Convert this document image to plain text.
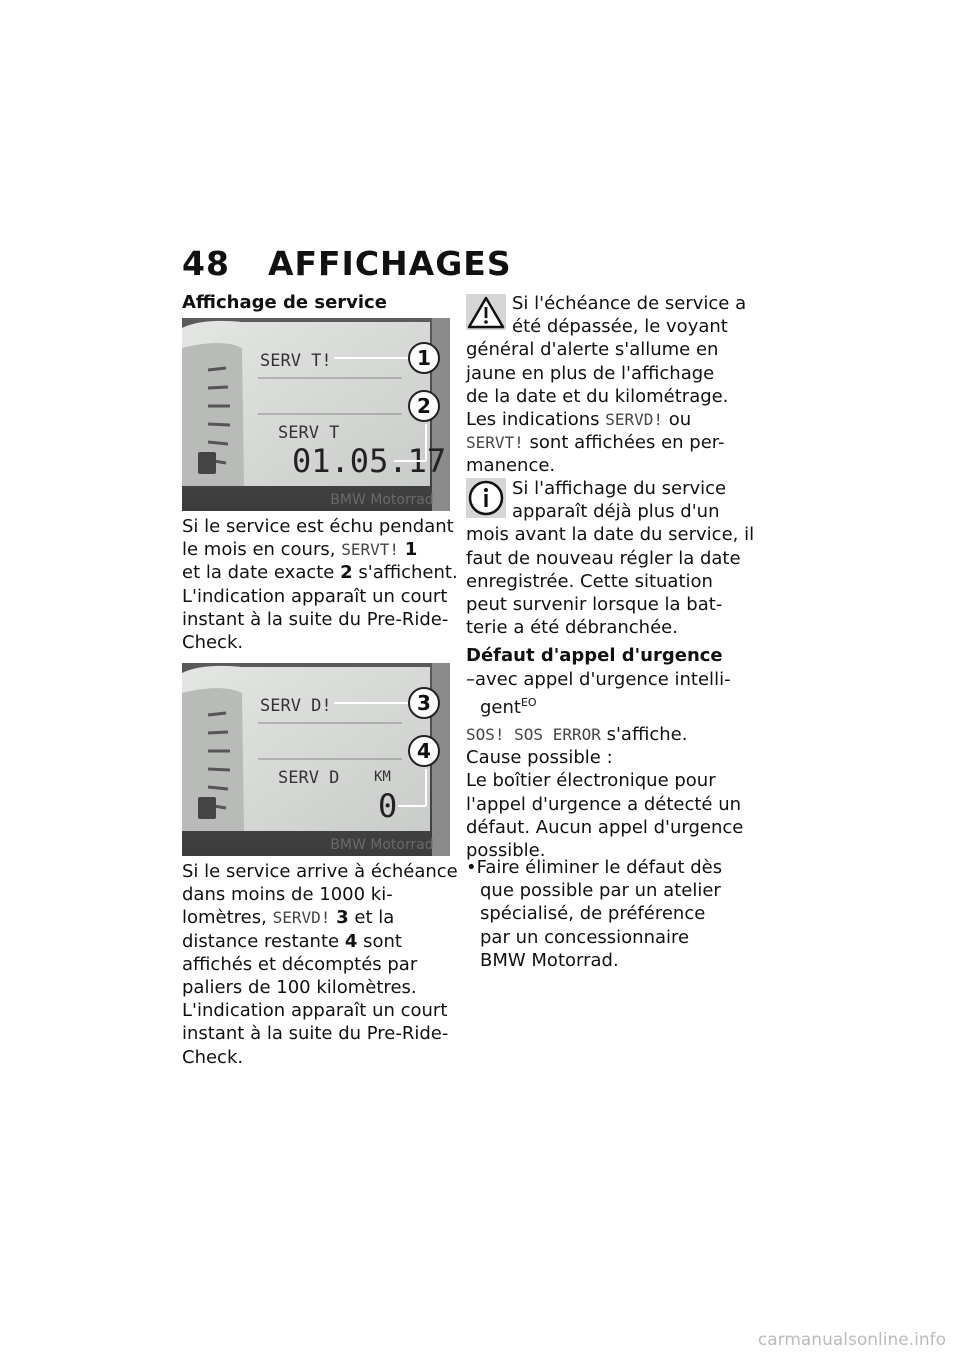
48 AFFICHAGES
Affichage de service
SERV T!
SERV T
01.05.17
1
2
BMW Motorrad
Si le service est échu pendant
le mois en cours, SERVT! 1
et la date exacte 2 s'affichent.
L'indication apparaît un court
instant à la suite du Pre-Ride-
Check.
SERV D!
SERV D KM
0
3
4
BMW Motorrad
Si le service arrive à échéance
dans moins de 1000 ki-
lomètres, SERVD! 3 et la
distance restante 4 sont
affichés et décomptés par
paliers de 100 kilomètres.
L'indication apparaît un court
instant à la suite du Pre-Ride-
Check.
Si l'échéance de service a
été dépassée, le voyant
général d'alerte s'allume en
jaune en plus de l'affichage
de la date et du kilométrage.
Les indications SERVD! ou
SERVT! sont affichées en per-
manence.
Si l'affichage du service
apparaît déjà plus d'un
mois avant la date du service, il
faut de nouveau régler la date
enregistrée. Cette situation
peut survenir lorsque la bat-
terie a été débranchée.
Défaut d'appel d'urgence
–avec appel d'urgence intelli-
gent$^{EO}$
SOS! SOS ERROR s'affiche.
Cause possible :
Le boîtier électronique pour
l'appel d'urgence a détecté un
défaut. Aucun appel d'urgence
possible.
•Faire éliminer le défaut dès
que possible par un atelier
spécialisé, de préférence
par un concessionnaire
BMW Motorrad.
carmanualsonline.info
